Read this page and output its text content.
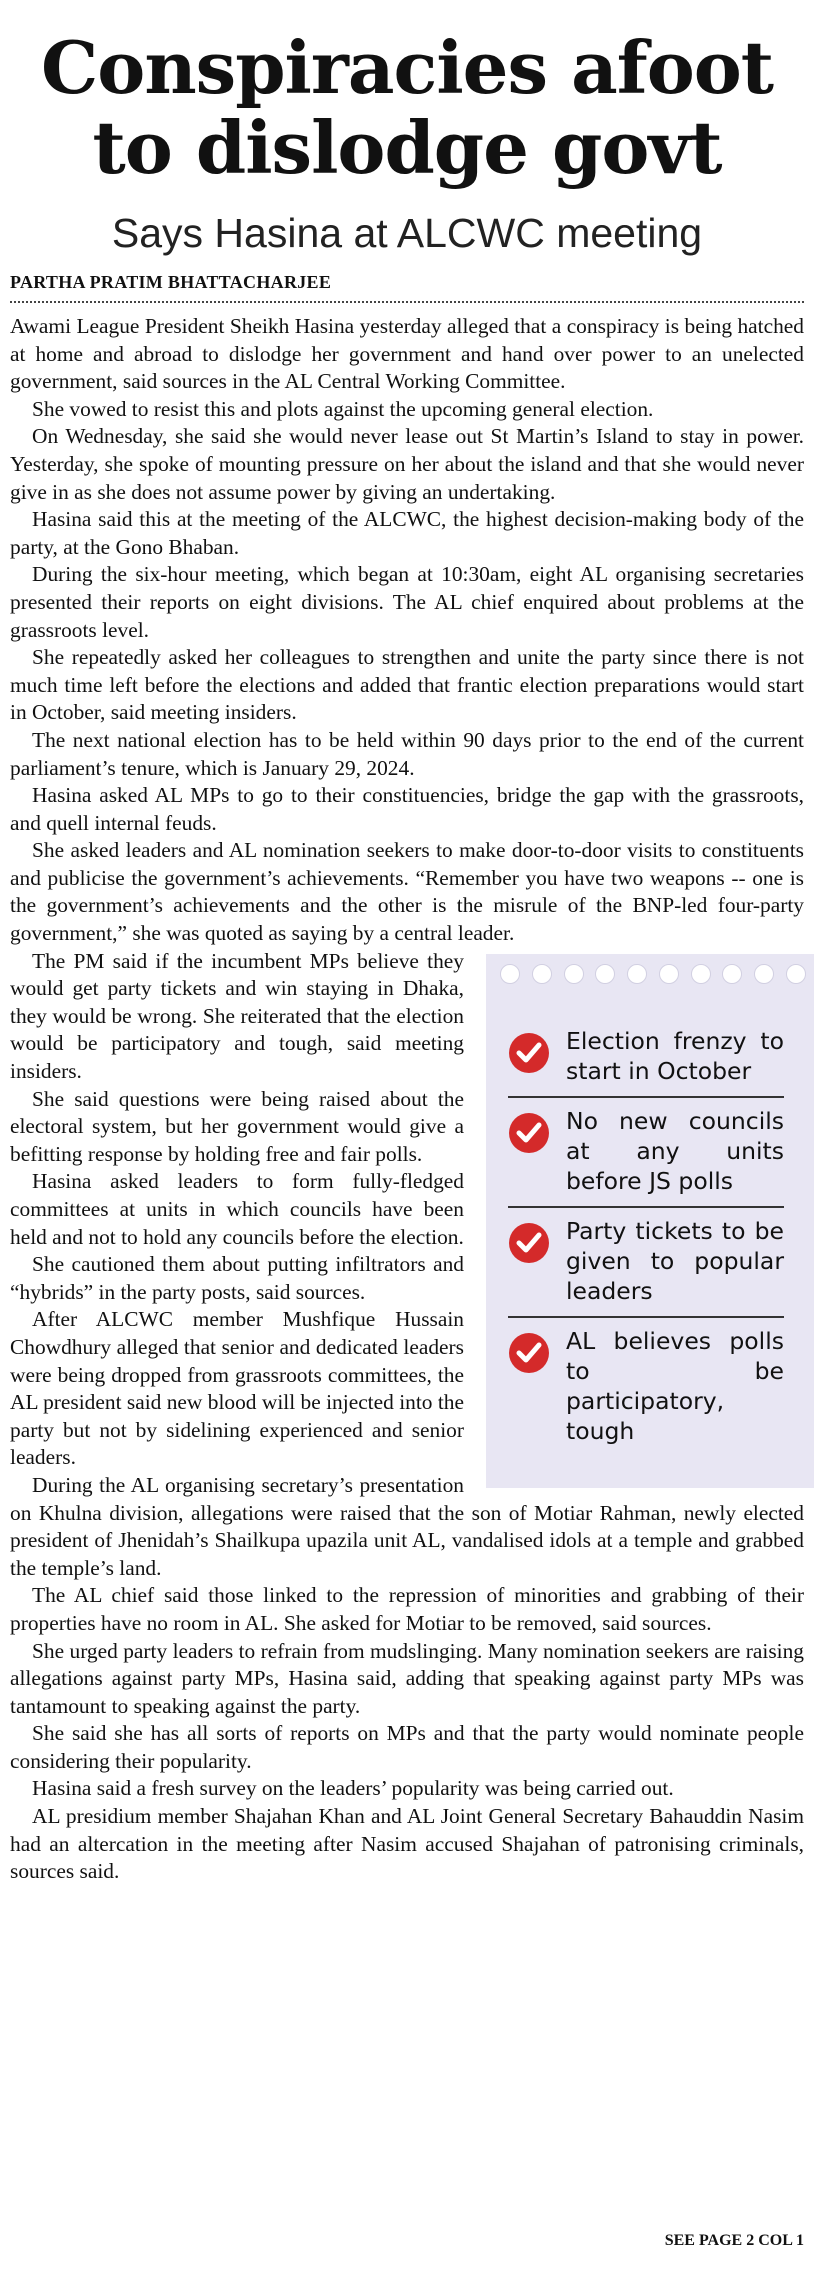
Conspiracies afoot
to dislodge govt
Says Hasina at ALCWC meeting
PARTHA PRATIM BHATTACHARJEE

Awami League President Sheikh Hasina yesterday alleged that a conspiracy is being hatched at home and abroad to dislodge her government and hand over power to an unelected government, said sources in the AL Central Working Committee.

She vowed to resist this and plots against the upcoming general election.

On Wednesday, she said she would never lease out St Martin’s Island to stay in power. Yesterday, she spoke of mounting pressure on her about the island and that she would never give in as she does not assume power by giving an undertaking.

Hasina said this at the meeting of the ALCWC, the highest decision-making body of the party, at the Gono Bhaban.

During the six-hour meeting, which began at 10:30am, eight AL organising secretaries presented their reports on eight divisions. The AL chief enquired about problems at the grassroots level.

She repeatedly asked her colleagues to strengthen and unite the party since there is not much time left before the elections and added that frantic election preparations would start in October, said meeting insiders.

The next national election has to be held within 90 days prior to the end of the current parliament’s tenure, which is January 29, 2024.

Hasina asked AL MPs to go to their constituencies, bridge the gap with the grassroots, and quell internal feuds.

She asked leaders and AL nomination seekers to make door-to-door visits to constituents and publicise the government’s achievements. “Remember you have two weapons -- one is the government’s achievements and the other is the misrule of the BNP-led four-party government,” she was quoted as saying by a central leader.

Election frenzy to start in October
No new councils at any units before JS polls
Party tickets to be given to popular leaders
AL believes polls to be participatory, tough

The PM said if the incumbent MPs believe they would get party tickets and win staying in Dhaka, they would be wrong. She reiterated that the election would be participatory and tough, said meeting insiders.

She said questions were being raised about the electoral system, but her government would give a befitting response by holding free and fair polls.

Hasina asked leaders to form fully-fledged committees at units in which councils have been held and not to hold any councils before the election.

She cautioned them about putting infiltrators and “hybrids” in the party posts, said sources.

After ALCWC member Mushfique Hussain Chowdhury alleged that senior and dedicated leaders were being dropped from grassroots committees, the AL president said new blood will be injected into the party but not by sidelining experienced and senior leaders.

During the AL organising secretary’s presentation on Khulna division, allegations were raised that the son of Motiar Rahman, newly elected president of Jhenidah’s Shailkupa upazila unit AL, vandalised idols at a temple and grabbed the temple’s land.

The AL chief said those linked to the repression of minorities and grabbing of their properties have no room in AL. She asked for Motiar to be removed, said sources.

She urged party leaders to refrain from mudslinging. Many nomination seekers are raising allegations against party MPs, Hasina said, adding that speaking against party MPs was tantamount to speaking against the party.

She said she has all sorts of reports on MPs and that the party would nominate people considering their popularity.

Hasina said a fresh survey on the leaders’ popularity was being carried out.

AL presidium member Shajahan Khan and AL Joint General Secretary Bahauddin Nasim had an altercation in the meeting after Nasim accused Shajahan of patronising criminals, sources said.

SEE PAGE 2 COL 1
